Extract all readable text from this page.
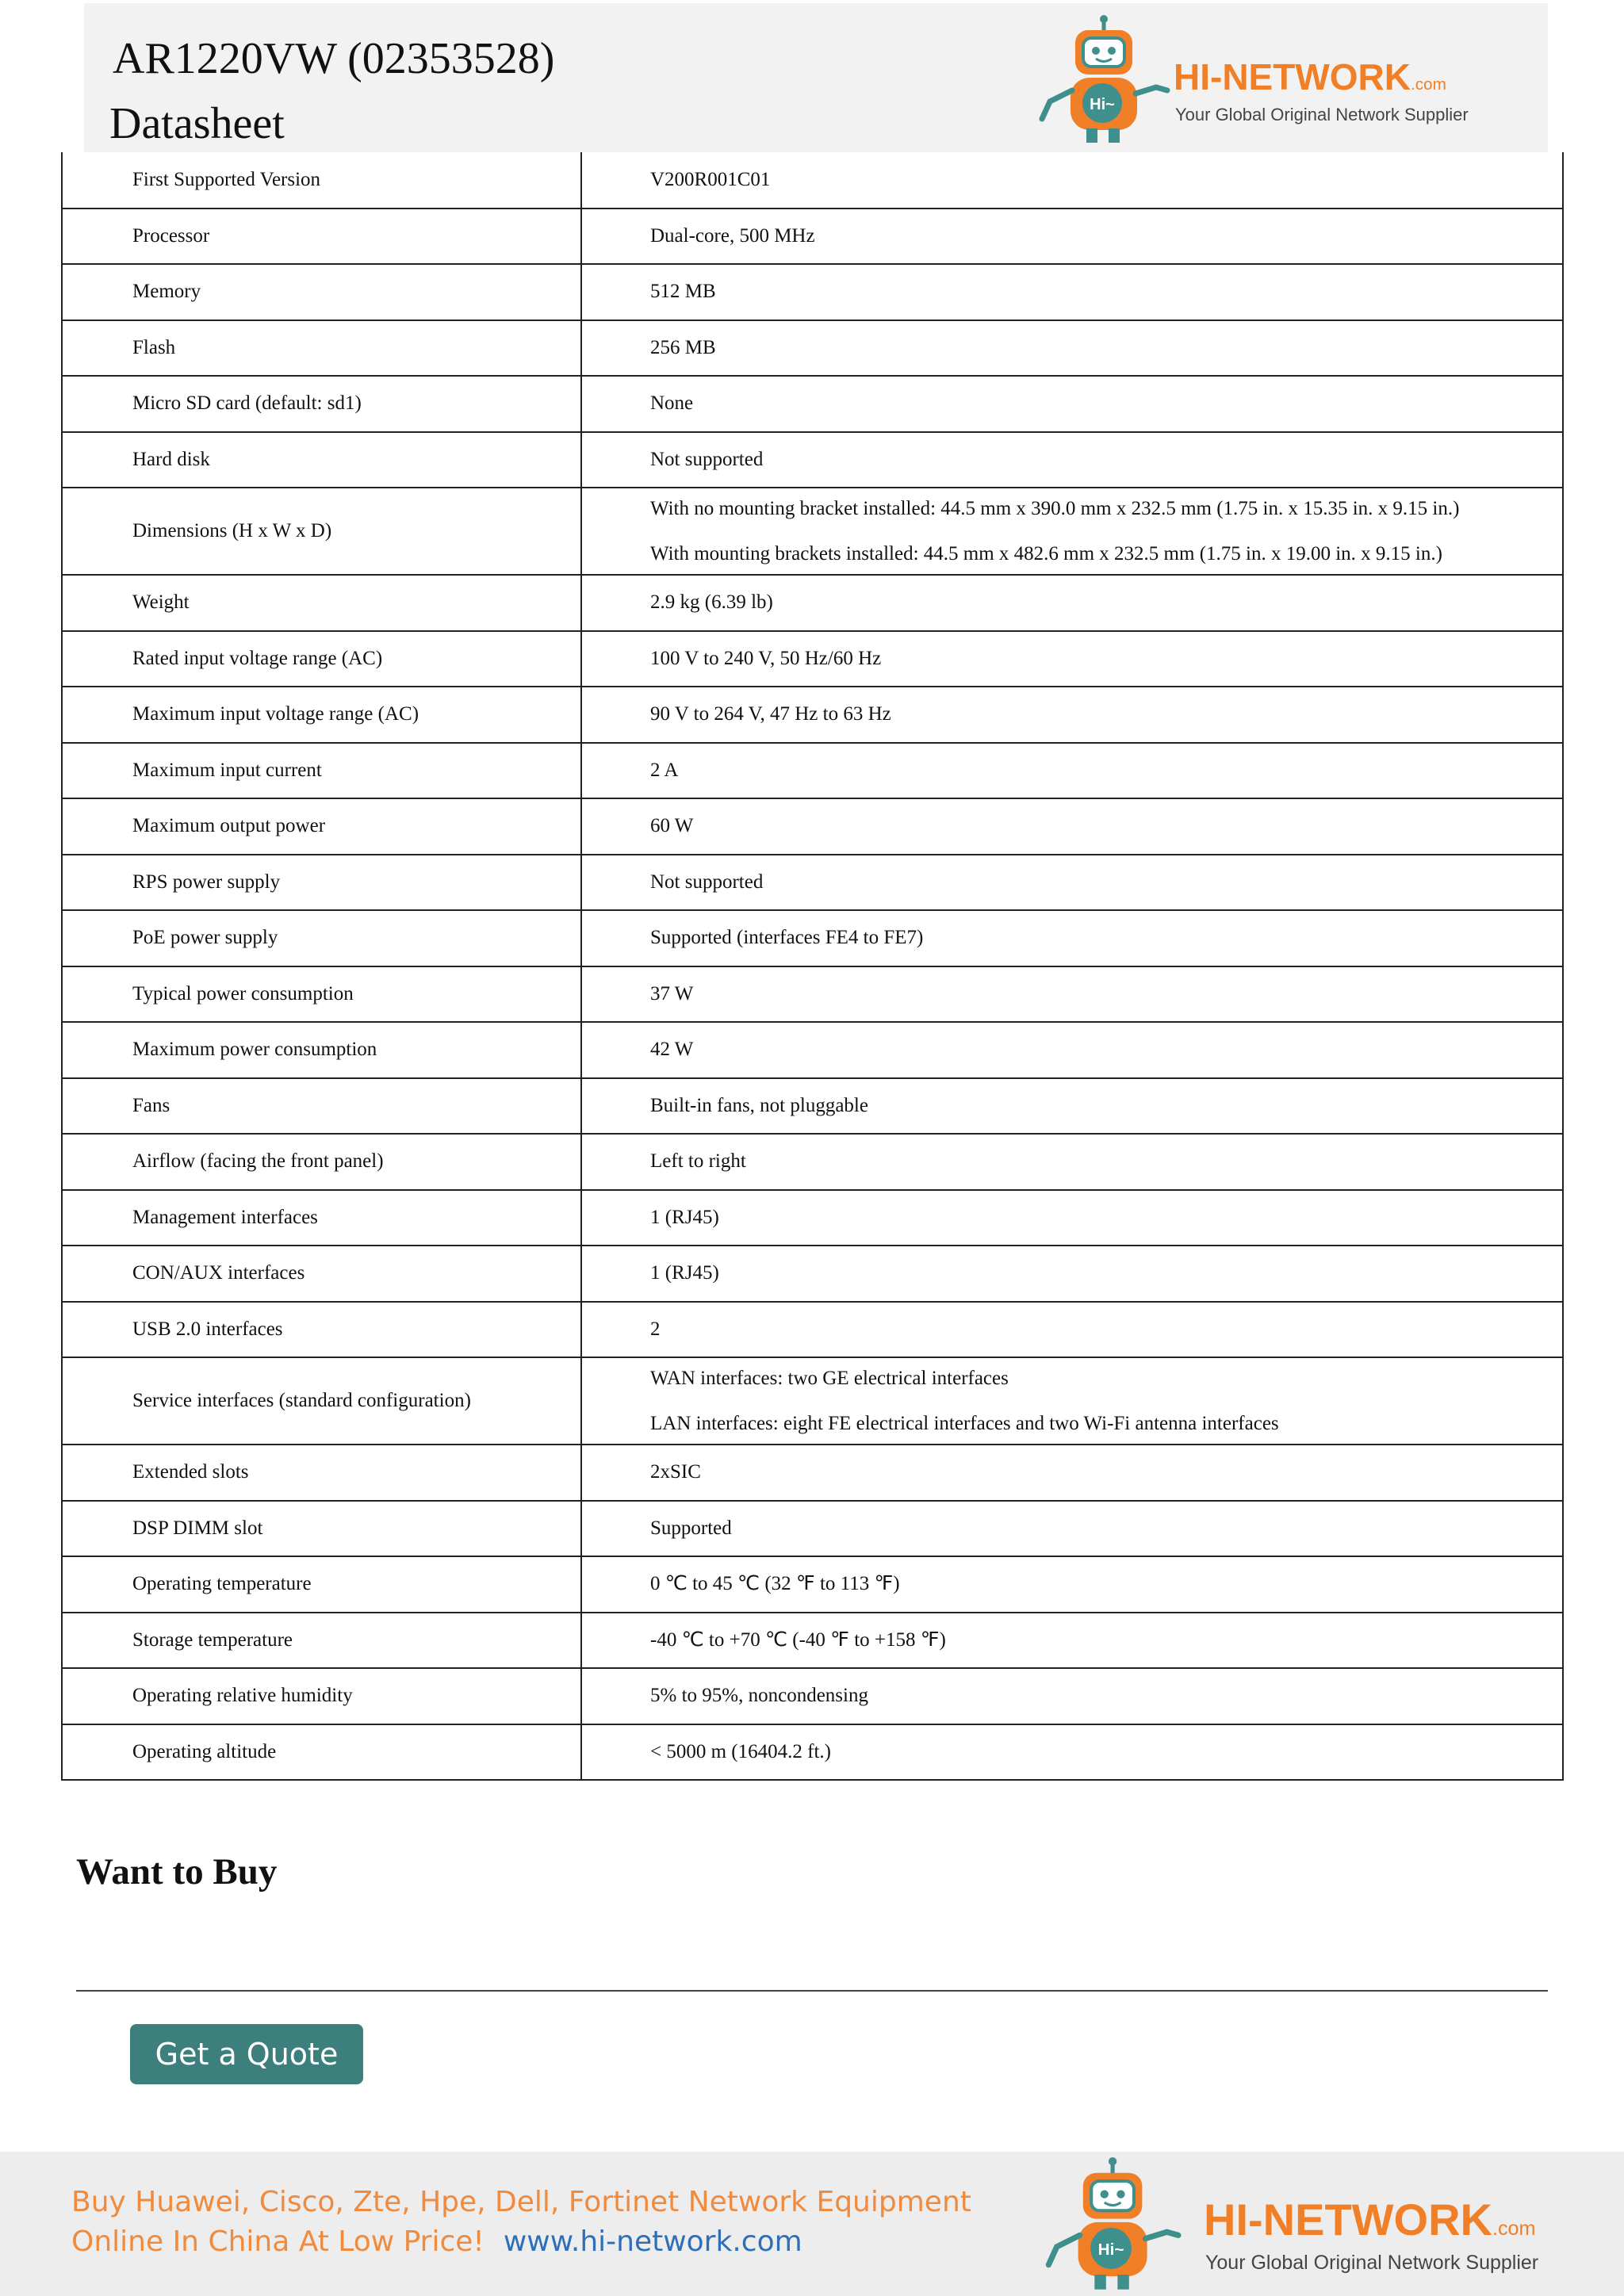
AR1220VW (02353528)
Datasheet	Hi~
HI-NETWORK.com
Your Global Original Network Supplier
First Supported Version	V200R001C01

Processor	Dual-core, 500 MHz

Memory	512 MB

Flash	256 MB

Micro SD card (default: sd1)	None

Hard disk	Not supported

Dimensions (H x W x D)	With no mounting bracket installed: 44.5 mm x 390.0 mm x 232.5 mm (1.75 in. x 15.35 in. x 9.15 in.)
With mounting brackets installed: 44.5 mm x 482.6 mm x 232.5 mm (1.75 in. x 19.00 in. x 9.15 in.)

Weight	2.9 kg (6.39 lb)

Rated input voltage range (AC)	100 V to 240 V, 50 Hz/60 Hz

Maximum input voltage range (AC)	90 V to 264 V, 47 Hz to 63 Hz

Maximum input current	2 A

Maximum output power	60 W

RPS power supply	Not supported

PoE power supply	Supported (interfaces FE4 to FE7)

Typical power consumption	37 W

Maximum power consumption	42 W

Fans	Built-in fans, not pluggable

Airflow (facing the front panel)	Left to right

Management interfaces	1 (RJ45)

CON/AUX interfaces	1 (RJ45)

USB 2.0 interfaces	2

Service interfaces (standard configuration)	WAN interfaces: two GE electrical interfaces
LAN interfaces: eight FE electrical interfaces and two Wi-Fi antenna interfaces

Extended slots	2xSIC

DSP DIMM slot	Supported

Operating temperature	0 ℃ to 45 ℃ (32 ℉ to 113 ℉)

Storage temperature	-40 ℃ to +70 ℃ (-40 ℉ to +158 ℉)

Operating relative humidity	5% to 95%, noncondensing

Operating altitude	< 5000 m (16404.2 ft.)
Want to Buy
Get a Quote
Buy Huawei, Cisco, Zte, Hpe, Dell, Fortinet Network Equipment
Online In China At Low Price! www.hi-network.com	Hi~
HI-NETWORK.com
Your Global Original Network Supplier
